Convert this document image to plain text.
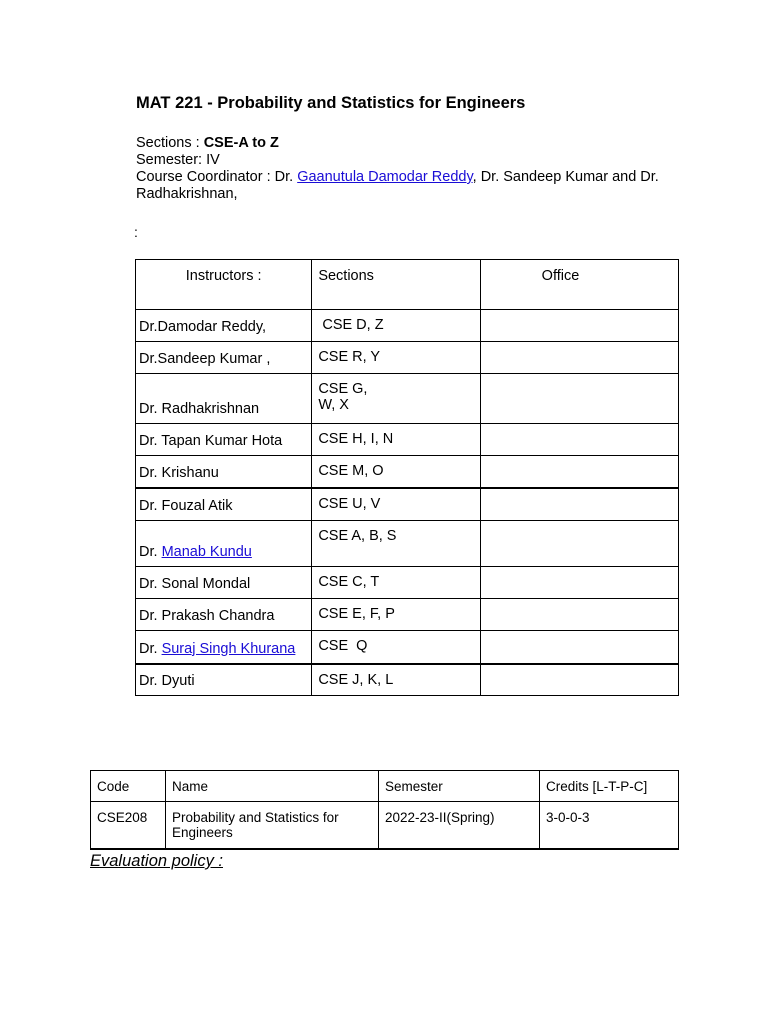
MAT 221 - Probability and Statistics for Engineers
Sections : CSE-A to Z
Semester: IV
Course Coordinator : Dr. Gaanutula Damodar Reddy, Dr. Sandeep Kumar and Dr. Radhakrishnan,
:
Instructors :	Sections	Office

Dr.Damodar Reddy,	CSE D, Z	
Dr.Sandeep Kumar ,	CSE R, Y	
Dr. Radhakrishnan	CSE G,
W, X	
Dr. Tapan Kumar Hota	CSE H, I, N	
Dr. Krishanu	CSE M, O	
Dr. Fouzal Atik	CSE U, V	
Dr. Manab Kundu	CSE A, B, S	
Dr. Sonal Mondal	CSE C, T	
Dr. Prakash Chandra	CSE E, F, P	
Dr. Suraj Singh Khurana	CSE  Q	
Dr. Dyuti	CSE J, K, L	
Code	Name	Semester	Credits [L-T-P-C]
CSE208	Probability and Statistics for Engineers	2022-23-II(Spring)	3-0-0-3
Evaluation policy :
